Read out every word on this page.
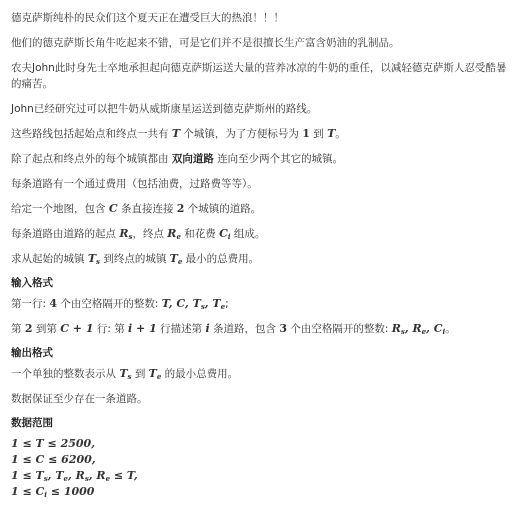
德克萨斯纯朴的民众们这个夏天正在遭受巨大的热浪！！！

他们的德克萨斯长角牛吃起来不错，可是它们并不是很擅长生产富含奶油的乳制品。

农夫John此时身先士卒地承担起向德克萨斯运送大量的营养冰凉的牛奶的重任，以减轻德克萨斯人忍受酷暑的痛苦。

John已经研究过可以把牛奶从威斯康星运送到德克萨斯州的路线。

这些路线包括起始点和终点一共有 T 个城镇，为了方便标号为 1 到 T。

除了起点和终点外的每个城镇都由 双向道路 连向至少两个其它的城镇。

每条道路有一个通过费用（包括油费，过路费等等）。

给定一个地图，包含 C 条直接连接 2 个城镇的道路。

每条道路由道路的起点 $R_s$，终点 $R_e$ 和花费 $C_i$ 组成。

求从起始的城镇 $T_s$ 到终点的城镇 $T_e$ 最小的总费用。

输入格式

第一行: 4 个由空格隔开的整数: T, C, $T_s$, $T_e$;

第 2 到第 C + 1 行: 第 i + 1 行描述第 i 条道路，包含 3 个由空格隔开的整数: $R_s$, $R_e$, $C_i$。

输出格式

一个单独的整数表示从 $T_s$ 到 $T_e$ 的最小总费用。

数据保证至少存在一条道路。

数据范围
1 ≤ T ≤ 2500,
1 ≤ C ≤ 6200,
$1 \le T_s$, $T_e$, $R_s$, $R_e \le T$,
$1 \le C_i \le 1000$
